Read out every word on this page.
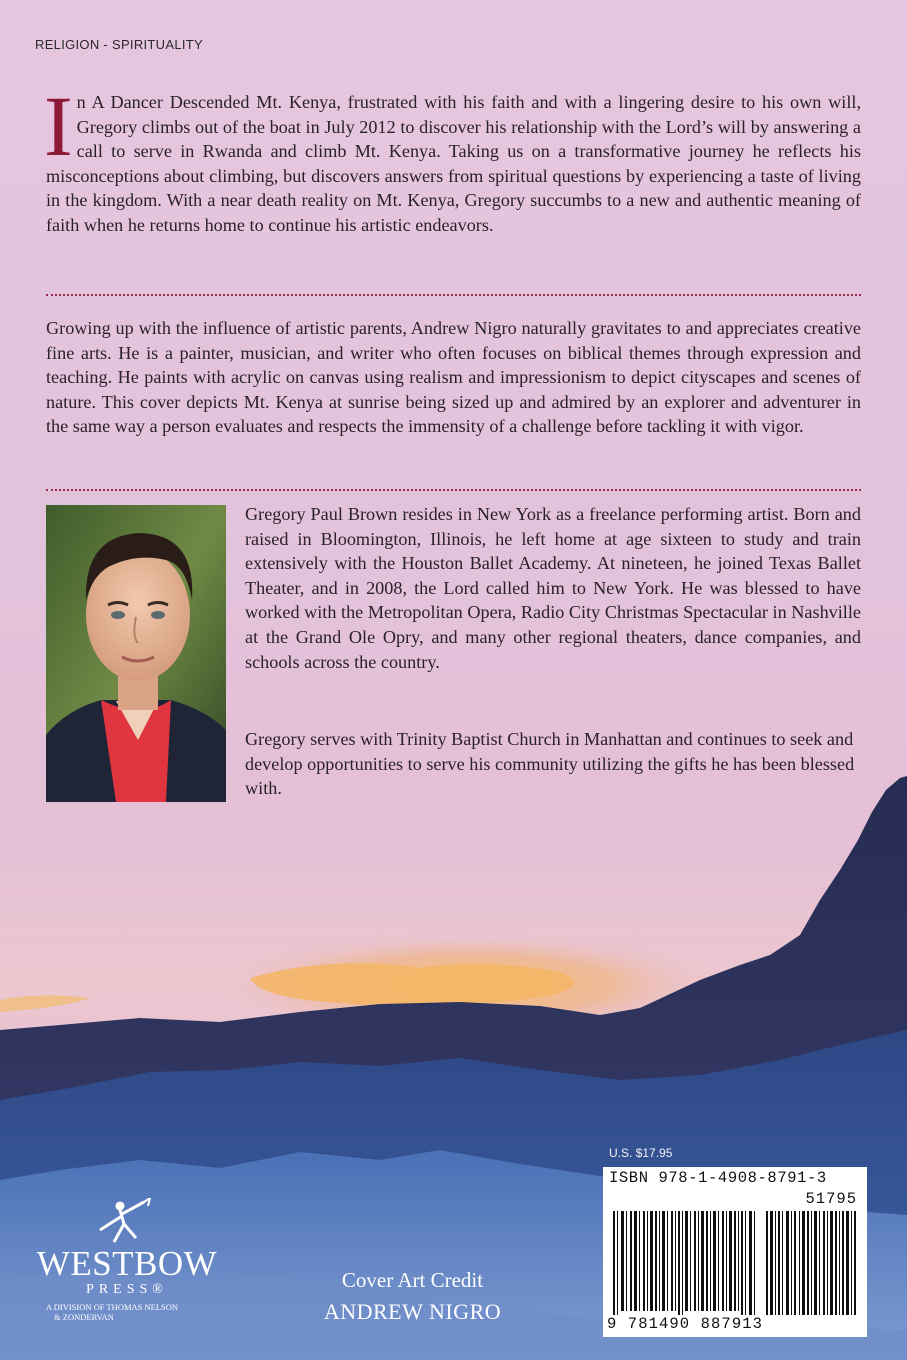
RELIGION - SPIRITUALITY

In A Dancer Descended Mt. Kenya, frustrated with his faith and with a lingering desire to his own will, Gregory climbs out of the boat in July 2012 to discover his relationship with the Lord’s will by answering a call to serve in Rwanda and climb Mt. Kenya. Taking us on a transformative journey he reflects his misconceptions about climbing, but discovers answers from spiritual questions by experiencing a taste of living in the kingdom. With a near death reality on Mt. Kenya, Gregory succumbs to a new and authentic meaning of faith when he returns home to continue his artistic endeavors.

Growing up with the influence of artistic parents, Andrew Nigro naturally gravitates to and appreciates creative fine arts. He is a painter, musician, and writer who often focuses on biblical themes through expression and teaching. He paints with acrylic on canvas using realism and impressionism to depict cityscapes and scenes of nature. This cover depicts Mt. Kenya at sunrise being sized up and admired by an explorer and adventurer in the same way a person evaluates and respects the immensity of a challenge before tackling it with vigor.

Gregory Paul Brown resides in New York as a freelance performing artist. Born and raised in Bloomington, Illinois, he left home at age sixteen to study and train extensively with the Houston Ballet Academy. At nineteen, he joined Texas Ballet Theater, and in 2008, the Lord called him to New York. He was blessed to have worked with the Metropolitan Opera, Radio City Christmas Spectacular in Nashville at the Grand Ole Opry, and many other regional theaters, dance companies, and schools across the country.

Gregory serves with Trinity Baptist Church in Manhattan and continues to seek and develop opportunities to serve his community utilizing the gifts he has been blessed with.

U.S. $17.95
ISBN 978-1-4908-8791-3
51795
9 781490 887913
WESTBOW
PRESS®
A DIVISION OF THOMAS NELSON
& ZONDERVAN
Cover Art Credit
ANDREW NIGRO
